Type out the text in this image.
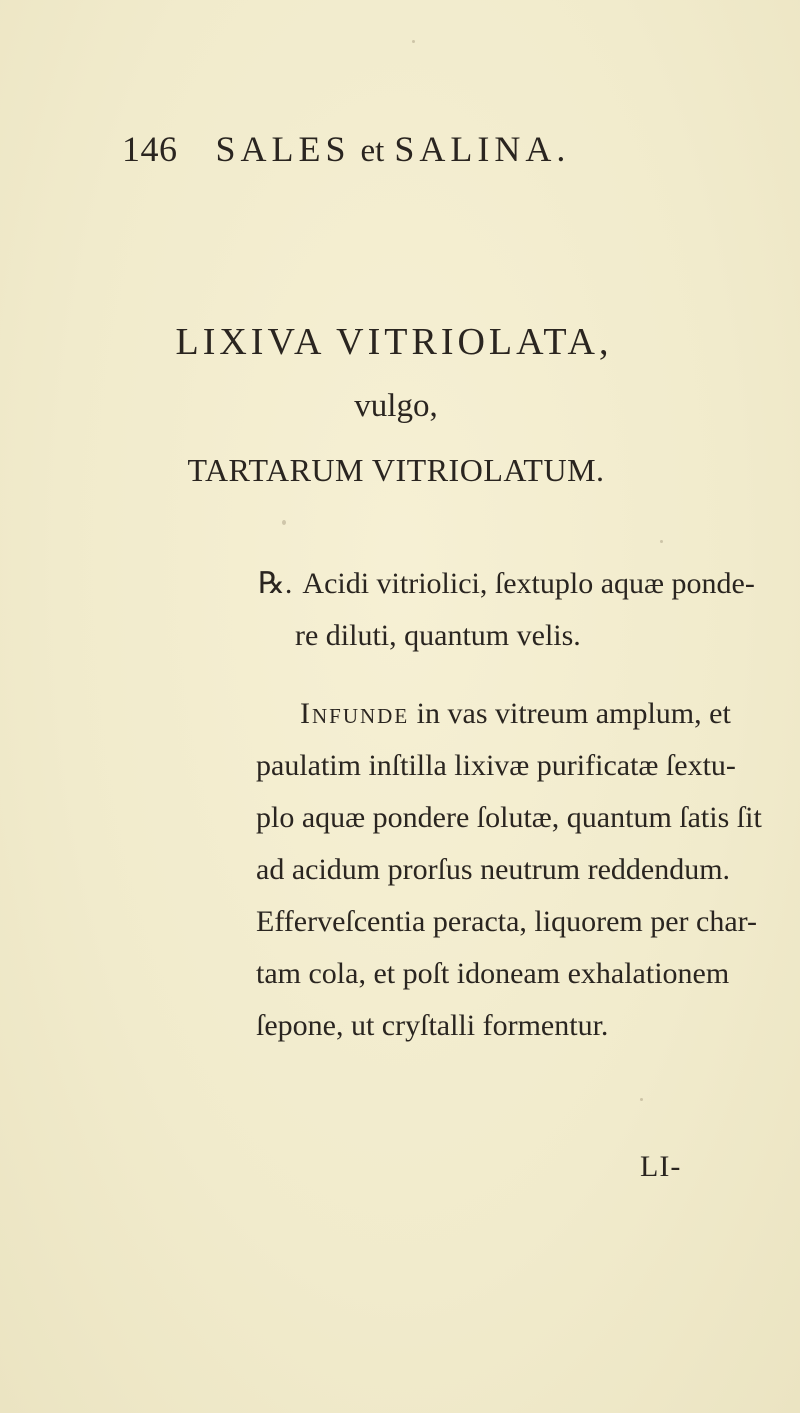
146 SALES et SALINA.
LIXIVA VITRIOLATA,
vulgo,
TARTARUM VITRIOLATUM.
℞. Acidi vitriolici, ſextuplo aquæ ponde-
re diluti, quantum velis.
Infunde in vas vitreum amplum, et
paulatim inſtilla lixivæ purificatæ ſextu-
plo aquæ pondere ſolutæ, quantum ſatis ſit
ad acidum prorſus neutrum reddendum.
Efferveſcentia peracta, liquorem per char-
tam cola, et poſt idoneam exhalationem
ſepone, ut cryſtalli formentur.
LI-
